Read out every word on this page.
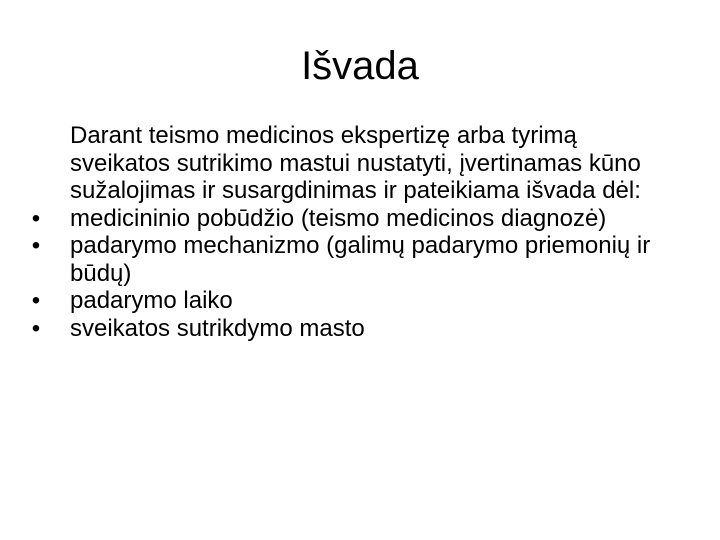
Išvada

Darant teismo medicinos ekspertizę arba tyrimą sveikatos sutrikimo mastui nustatyti, įvertinamas kūno sužalojimas ir susargdinimas ir pateikiama išvada dėl:

• medicininio pobūdžio (teismo medicinos diagnozė)
• padarymo mechanizmo (galimų padarymo priemonių ir būdų)
• padarymo laiko
• sveikatos sutrikdymo masto
